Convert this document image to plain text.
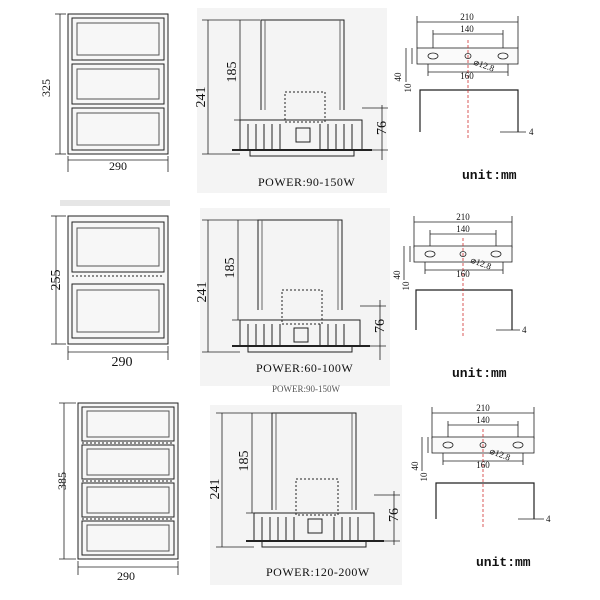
325
290
241
185
76
210
140
160
40
10
⌀12.8
4
POWER:90-150W	unit:mm
255
290
241
185
76
210
140
160
40
10
⌀12.8
4
POWER:60-100W	unit:mm
POWER:90-150W
385
290
241
185
76
210
140
160
40
10
⌀12.8
4
POWER:120-200W
unit:mm
